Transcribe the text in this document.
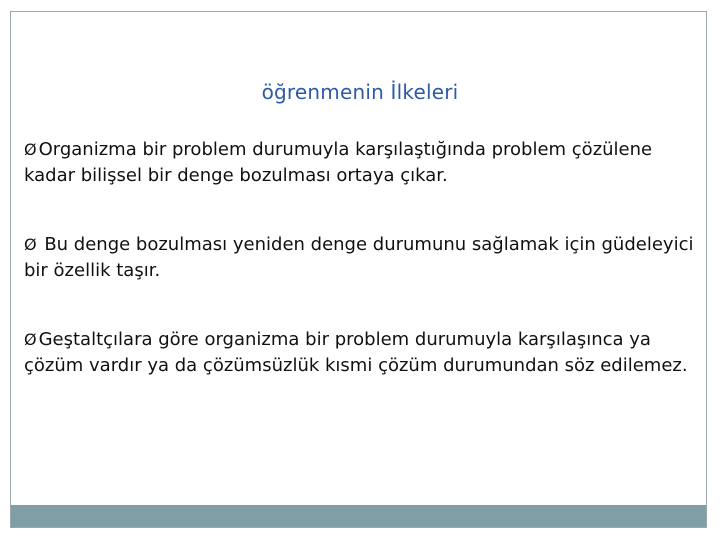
öğrenmenin İlkeleri
Ø Organizma bir problem durumuyla karşılaştığında problem çözülene kadar bilişsel bir denge bozulması ortaya çıkar.
Ø Bu denge bozulması yeniden denge durumunu sağlamak için güdeleyici bir özellik taşır.
Ø Geştaltçılara göre organizma bir problem durumuyla karşılaşınca ya çözüm vardır ya da çözümsüzlük kısmi çözüm durumundan söz edilemez.
